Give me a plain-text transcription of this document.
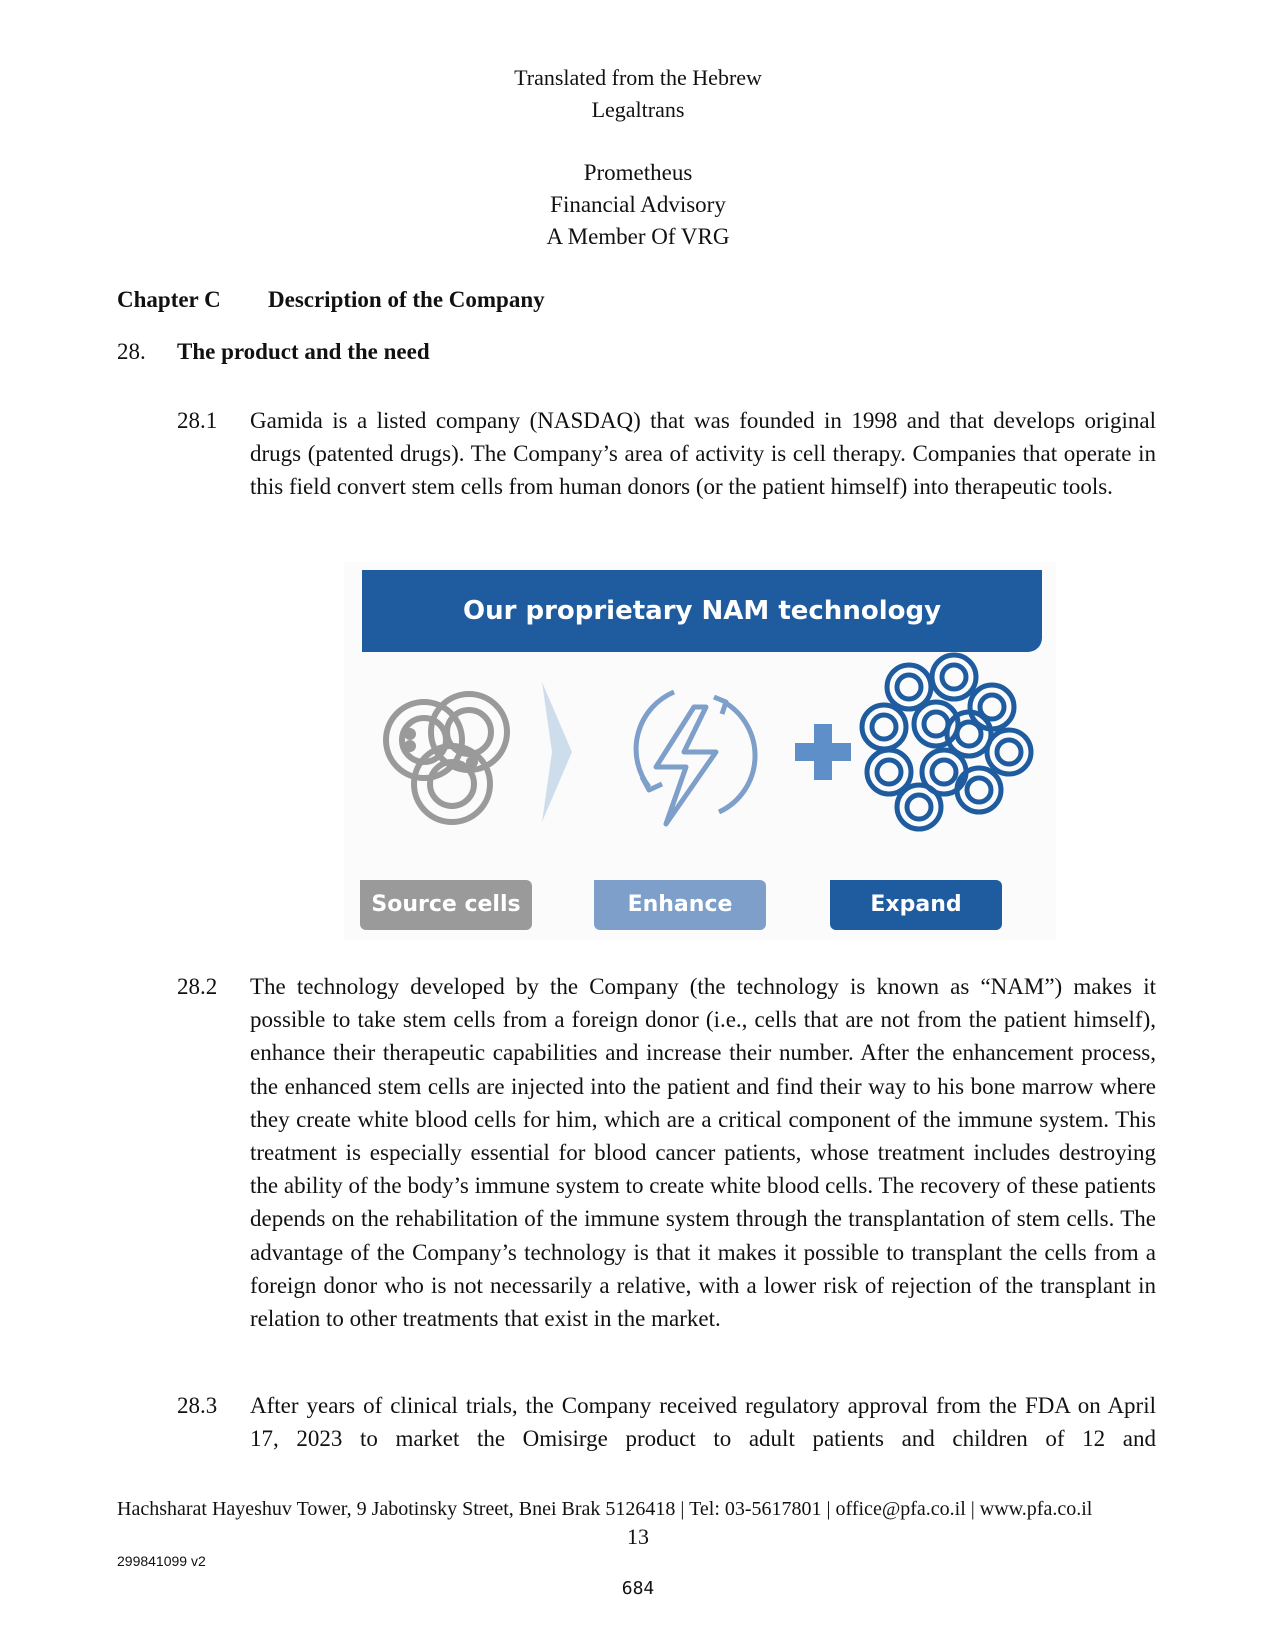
Translated from the Hebrew
Legaltrans
Prometheus
Financial Advisory
A Member Of VRG
Chapter C Description of the Company
28. The product and the need
28.1 Gamida is a listed company (NASDAQ) that was founded in 1998 and that develops original drugs (patented drugs). The Company’s area of activity is cell therapy. Companies that operate in this field convert stem cells from human donors (or the patient himself) into therapeutic tools.
Our proprietary NAM technology
Source cells	Enhance	Expand
28.2 The technology developed by the Company (the technology is known as “NAM”) makes it possible to take stem cells from a foreign donor (i.e., cells that are not from the patient himself), enhance their therapeutic capabilities and increase their number. After the enhancement process, the enhanced stem cells are injected into the patient and find their way to his bone marrow where they create white blood cells for him, which are a critical component of the immune system. This treatment is especially essential for blood cancer patients, whose treatment includes destroying the ability of the body’s immune system to create white blood cells. The recovery of these patients depends on the rehabilitation of the immune system through the transplantation of stem cells. The advantage of the Company’s technology is that it makes it possible to transplant the cells from a foreign donor who is not necessarily a relative, with a lower risk of rejection of the transplant in relation to other treatments that exist in the market.
28.3 After years of clinical trials, the Company received regulatory approval from the FDA on April 17, 2023 to market the Omisirge product to adult patients and children of 12 and
Hachsharat Hayeshuv Tower, 9 Jabotinsky Street, Bnei Brak 5126418 | Tel: 03-5617801 | office@pfa.co.il | www.pfa.co.il
13
299841099 v2
684
